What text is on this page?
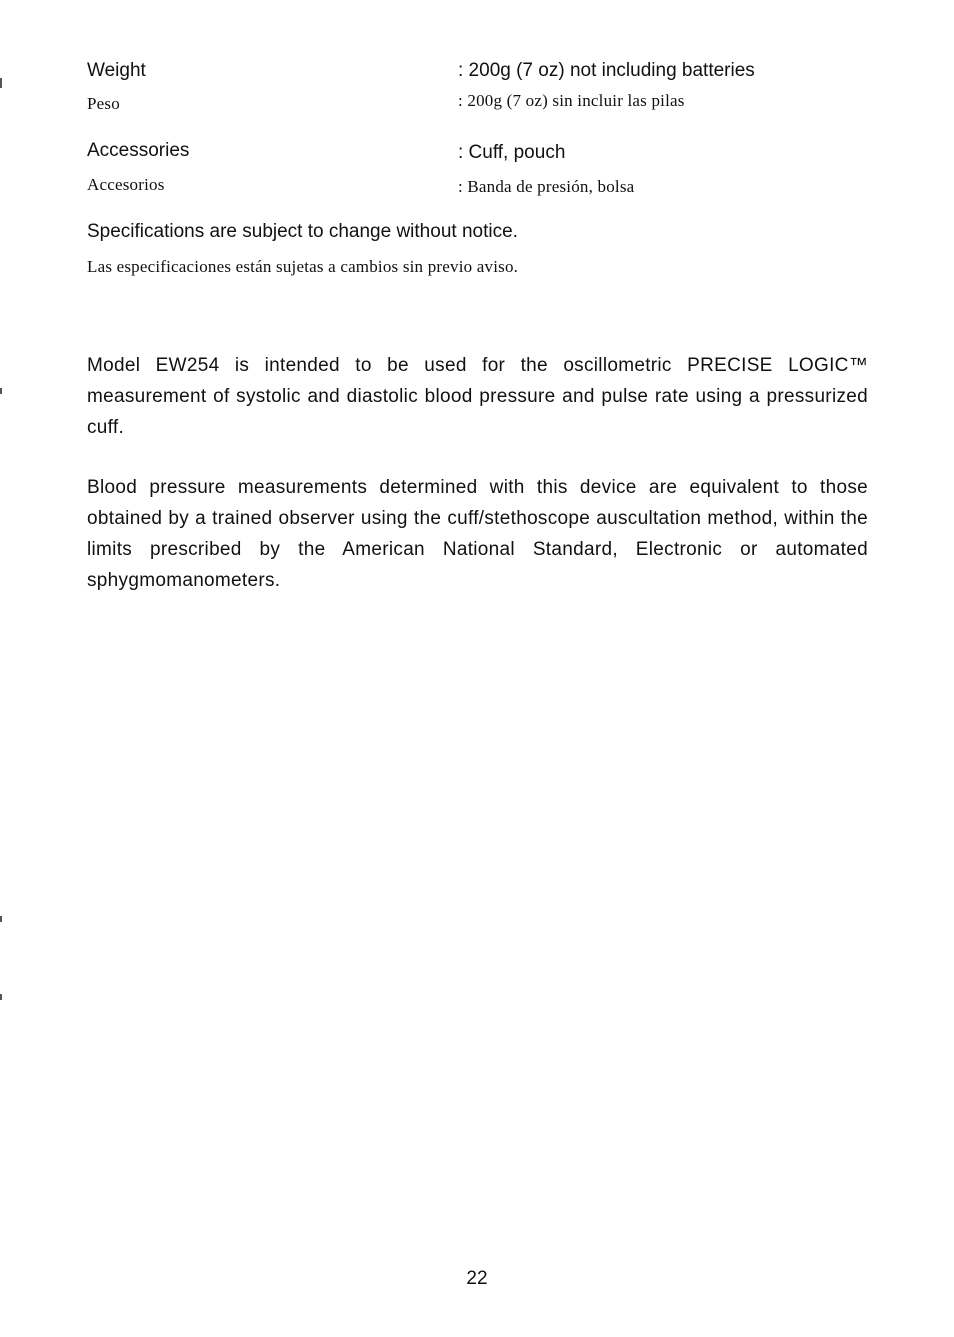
Weight	: 200g (7 oz) not including batteries
Peso	: 200g (7 oz) sin incluir las pilas
Accessories	: Cuff, pouch
Accesorios	: Banda de presión, bolsa
Specifications are subject to change without notice.
Las especificaciones están sujetas a cambios sin previo aviso.

Model EW254 is intended to be used for the oscillometric PRECISE LOGIC™ measurement of systolic and diastolic blood pressure and pulse rate using a pressurized cuff.

Blood pressure measurements determined with this device are equivalent to those obtained by a trained observer using the cuff/stethoscope auscultation method, within the limits prescribed by the American National Standard, Electronic or automated sphygmomanometers.

22
